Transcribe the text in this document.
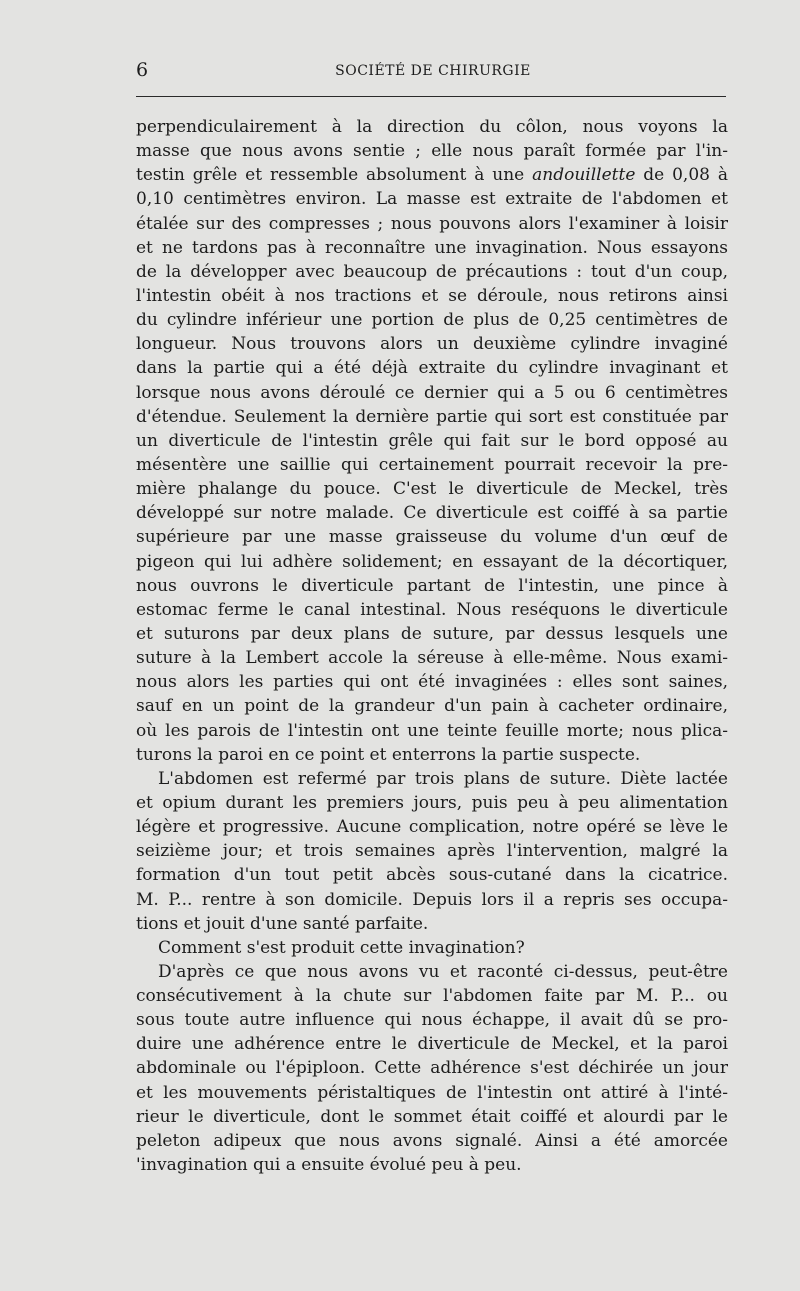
6	SOCIÉTÉ DE CHIRURGIE
perpendiculairement à la direction du côlon, nous voyons la
masse que nous avons sentie ; elle nous paraît formée par l'in-
testin grêle et ressemble absolument à une andouillette de 0,08 à
0,10 centimètres environ. La masse est extraite de l'abdomen et
étalée sur des compresses ; nous pouvons alors l'examiner à loisir
et ne tardons pas à reconnaître une invagination. Nous essayons
de la développer avec beaucoup de précautions : tout d'un coup,
l'intestin obéit à nos tractions et se déroule, nous retirons ainsi
du cylindre inférieur une portion de plus de 0,25 centimètres de
longueur. Nous trouvons alors un deuxième cylindre invaginé
dans la partie qui a été déjà extraite du cylindre invaginant et
lorsque nous avons déroulé ce dernier qui a 5 ou 6 centimètres
d'étendue. Seulement la dernière partie qui sort est constituée par
un diverticule de l'intestin grêle qui fait sur le bord opposé au
mésentère une saillie qui certainement pourrait recevoir la pre-
mière phalange du pouce. C'est le diverticule de Meckel, très
développé sur notre malade. Ce diverticule est coiffé à sa partie
supérieure par une masse graisseuse du volume d'un œuf de
pigeon qui lui adhère solidement; en essayant de la décortiquer,
nous ouvrons le diverticule partant de l'intestin, une pince à
estomac ferme le canal intestinal. Nous reséquons le diverticule
et suturons par deux plans de suture, par dessus lesquels une
suture à la Lembert accole la séreuse à elle-même. Nous exami-
nous alors les parties qui ont été invaginées : elles sont saines,
sauf en un point de la grandeur d'un pain à cacheter ordinaire,
où les parois de l'intestin ont une teinte feuille morte; nous plica-
turons la paroi en ce point et enterrons la partie suspecte.
L'abdomen est refermé par trois plans de suture. Diète lactée
et opium durant les premiers jours, puis peu à peu alimentation
légère et progressive. Aucune complication, notre opéré se lève le
seizième jour; et trois semaines après l'intervention, malgré la
formation d'un tout petit abcès sous-cutané dans la cicatrice.
M. P... rentre à son domicile. Depuis lors il a repris ses occupa-
tions et jouit d'une santé parfaite.
Comment s'est produit cette invagination?
D'après ce que nous avons vu et raconté ci-dessus, peut-être
consécutivement à la chute sur l'abdomen faite par M. P... ou
sous toute autre influence qui nous échappe, il avait dû se pro-
duire une adhérence entre le diverticule de Meckel, et la paroi
abdominale ou l'épiploon. Cette adhérence s'est déchirée un jour
et les mouvements péristaltiques de l'intestin ont attiré à l'inté-
rieur le diverticule, dont le sommet était coiffé et alourdi par le
peleton adipeux que nous avons signalé. Ainsi a été amorcée
'invagination qui a ensuite évolué peu à peu.
